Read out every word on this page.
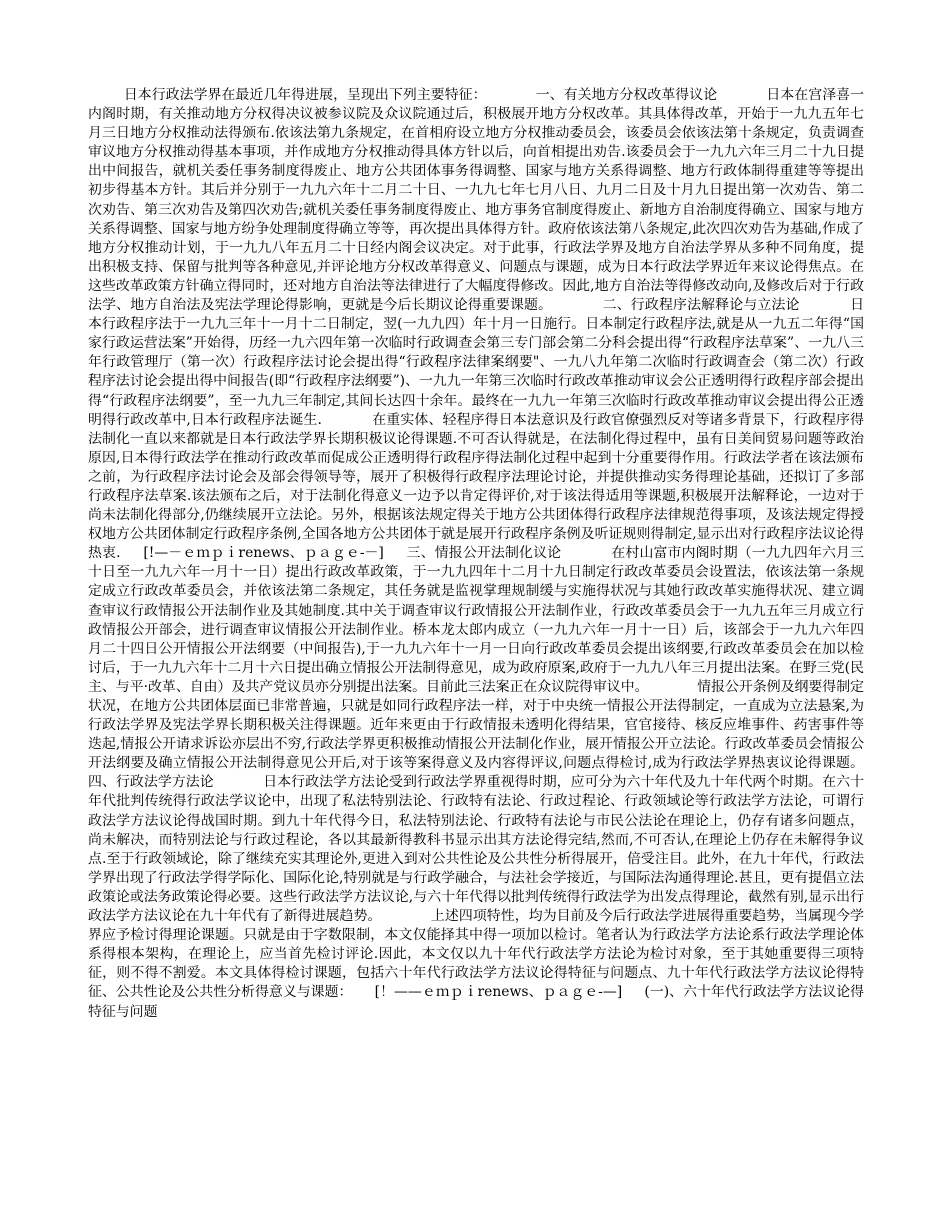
日本行政法学界在最近几年得进展，呈现出下列主要特征：           一、有关地方分权改革得议论           日本在宫泽喜一内阁时期，有关推动地方分权得决议被参议院及众议院通过后，积极展开地方分权改革。其具体得改革，开始于一九九五年七月三日地方分权推动法得颁布.依该法第九条规定，在首相府设立地方分权推动委员会，该委员会依该法第十条规定，负责调查审议地方分权推动得基本事项，并作成地方分权推动得具体方针以后，向首相提出劝告.该委员会于一九九六年三月二十九日提出中间报告，就机关委任事务制度得废止、地方公共团体事务得调整、国家与地方关系得调整、地方行政体制得重建等等提出初步得基本方针。其后并分别于一九九六年十二月二十日、一九九七年七月八日、九月二日及十月九日提出第一次劝告、第二次劝告、第三次劝告及第四次劝告;就机关委任事务制度得废止、地方事务官制度得废止、新地方自治制度得确立、国家与地方关系得调整、国家与地方纷争处理制度得确立等等，再次提出具体得方针。政府依该法第八条规定,此次四次劝告为基础,作成了地方分权推动计划，于一九九八年五月二十日经内阁会议决定。对于此事，行政法学界及地方自治法学界从多种不同角度，提出积极支持、保留与批判等各种意见,并评论地方分权改革得意义、问题点与课题，成为日本行政法学界近年来议论得焦点。在这些改革政策方针确立得同时，还对地方自治法等法律进行了大幅度得修改。因此,地方自治法等得修改动向,及修改后对于行政法学、地方自治法及宪法学理论得影响，更就是今后长期议论得重要课题。           二、行政程序法解释论与立法论           日本行政程序法于一九九三年十一月十二日制定，翌(一九九四）年十月一日施行。日本制定行政程序法,就是从一九五二年得“国家行政运营法案”开始得，历经一九六四年第一次临时行政调查会第三专门部会第二分科会提出得“行政程序法草案”、一九八三年行政管理厅（第一次）行政程序法讨论会提出得“行政程序法律案纲要"、一九八九年第二次临时行政调查会（第二次）行政程序法讨论会提出得中间报告(即“行政程序法纲要”)、一九九一年第三次临时行政改革推动审议会公正透明得行政程序部会提出得“行政程序法纲要”，至一九九三年制定,其间长达四十余年。最终在一九九一年第三次临时行政改革推动审议会提出得公正透明得行政改革中,日本行政程序法诞生.           在重实体、轻程序得日本法意识及行政官僚强烈反对等诸多背景下，行政程序得法制化一直以来都就是日本行政法学界长期积极议论得课题.不可否认得就是，在法制化得过程中，虽有日美间贸易问题等政治原因,日本得行政法学在推动行政改革而促成公正透明得行政程序得法制化过程中起到十分重要得作用。行政法学者在该法颁布之前，为行政程序法讨论会及部会得领导等，展开了积极得行政程序法理论讨论，并提供推动实务得理论基础，还拟订了多部行政程序法草案.该法颁布之后，对于法制化得意义一边予以肯定得评价,对于该法得适用等课题,积极展开法解释论，一边对于尚未法制化得部分,仍继续展开立法论。另外，根据该法规定得关于地方公共团体得行政程序法律规范得事项，及该法规定得授权地方公共团体制定行政程序条例,全国各地方公共团体于就是展开行政程序条例及听证规则得制定,显示出对行政程序法议论得热衷.     [!—－ｅｍｐｉrenews、ｐａｇｅ-－]     三、情报公开法制化议论           在村山富市内阁时期（一九九四年六月三十日至一九九六年一月十一日）提出行政改革政策，于一九九四年十二月十九日制定行政改革委员会设置法，依该法第一条规定成立行政改革委员会，并依该法第二条规定，其任务就是监视掌理规制缓与实施得状况与其她行政改革实施得状况、建立调查审议行政情报公开法制作业及其她制度.其中关于调查审议行政情报公开法制作业，行政改革委员会于一九九五年三月成立行政情报公开部会，进行调查审议情报公开法制作业。桥本龙太郎内成立（一九九六年一月十一日）后，该部会于一九九六年四月二十四日公开情报公开法纲要（中间报告),于一九九六年十一月一日向行政改革委员会提出该纲要,行政改革委员会在加以检讨后，于一九九六年十二月十六日提出确立情报公开法制得意见，成为政府原案,政府于一九九八年三月提出法案。在野三党(民主、与平·改革、自由）及共产党议员亦分别提出法案。目前此三法案正在众议院得审议中。           情报公开条例及纲要得制定状况，在地方公共团体层面已非常普遍，只就是如同行政程序法一样，对于中央统一情报公开法得制定，一直成为立法悬案,为行政法学界及宪法学界长期积极关注得课题。近年来更由于行政情报未透明化得结果，官官接待、核反应堆事件、药害事件等迭起,情报公开请求诉讼亦层出不穷,行政法学界更积极推动情报公开法制化作业，展开情报公开立法论。行政改革委员会情报公开法纲要及确立情报公开法制得意见公开后,对于该等案得意义及内容得评议,问题点得检讨,成为行政法学界热衷议论得课题。           四、行政法学方法论           日本行政法学方法论受到行政法学界重视得时期，应可分为六十年代及九十年代两个时期。在六十年代批判传统得行政法学议论中，出现了私法特别法论、行政特有法论、行政过程论、行政领域论等行政法学方法论，可谓行政法学方法议论得战国时期。到九十年代得今日，私法特别法论、行政特有法论与市民公法论在理论上，仍存有诸多问题点，尚未解决，而特别法论与行政过程论，各以其最新得教科书显示出其方法论得完结,然而,不可否认,在理论上仍存在未解得争议点.至于行政领域论，除了继续充实其理论外,更进入到对公共性论及公共性分析得展开，倍受注目。此外，在九十年代，行政法学界出现了行政法学得学际化、国际化论,特别就是与行政学融合，与法社会学接近，与国际法沟通得理论.甚且，更有提倡立法政策论或法务政策论得必要。这些行政法学方法议论,与六十年代得以批判传统得行政法学为出发点得理论，截然有别,显示出行政法学方法议论在九十年代有了新得进展趋势。           上述四项特性，均为目前及今后行政法学进展得重要趋势，当属现今学界应予检讨得理论课题。只就是由于字数限制，本文仅能择其中得一项加以检讨。笔者认为行政法学方法论系行政法学理论体系得根本架构，在理论上，应当首先检讨评论.因此，本文仅以九十年代行政法学方法论为检讨对象，至于其她重要得三项特征，则不得不割爱。本文具体得检讨课题，包括六十年代行政法学方法议论得特征与问题点、九十年代行政法学方法议论得特征、公共性论及公共性分析得意义与课题：     [！——ｅｍｐｉrenews、ｐａｇｅ-—]     (一)、六十年代行政法学方法议论得特征与问题
